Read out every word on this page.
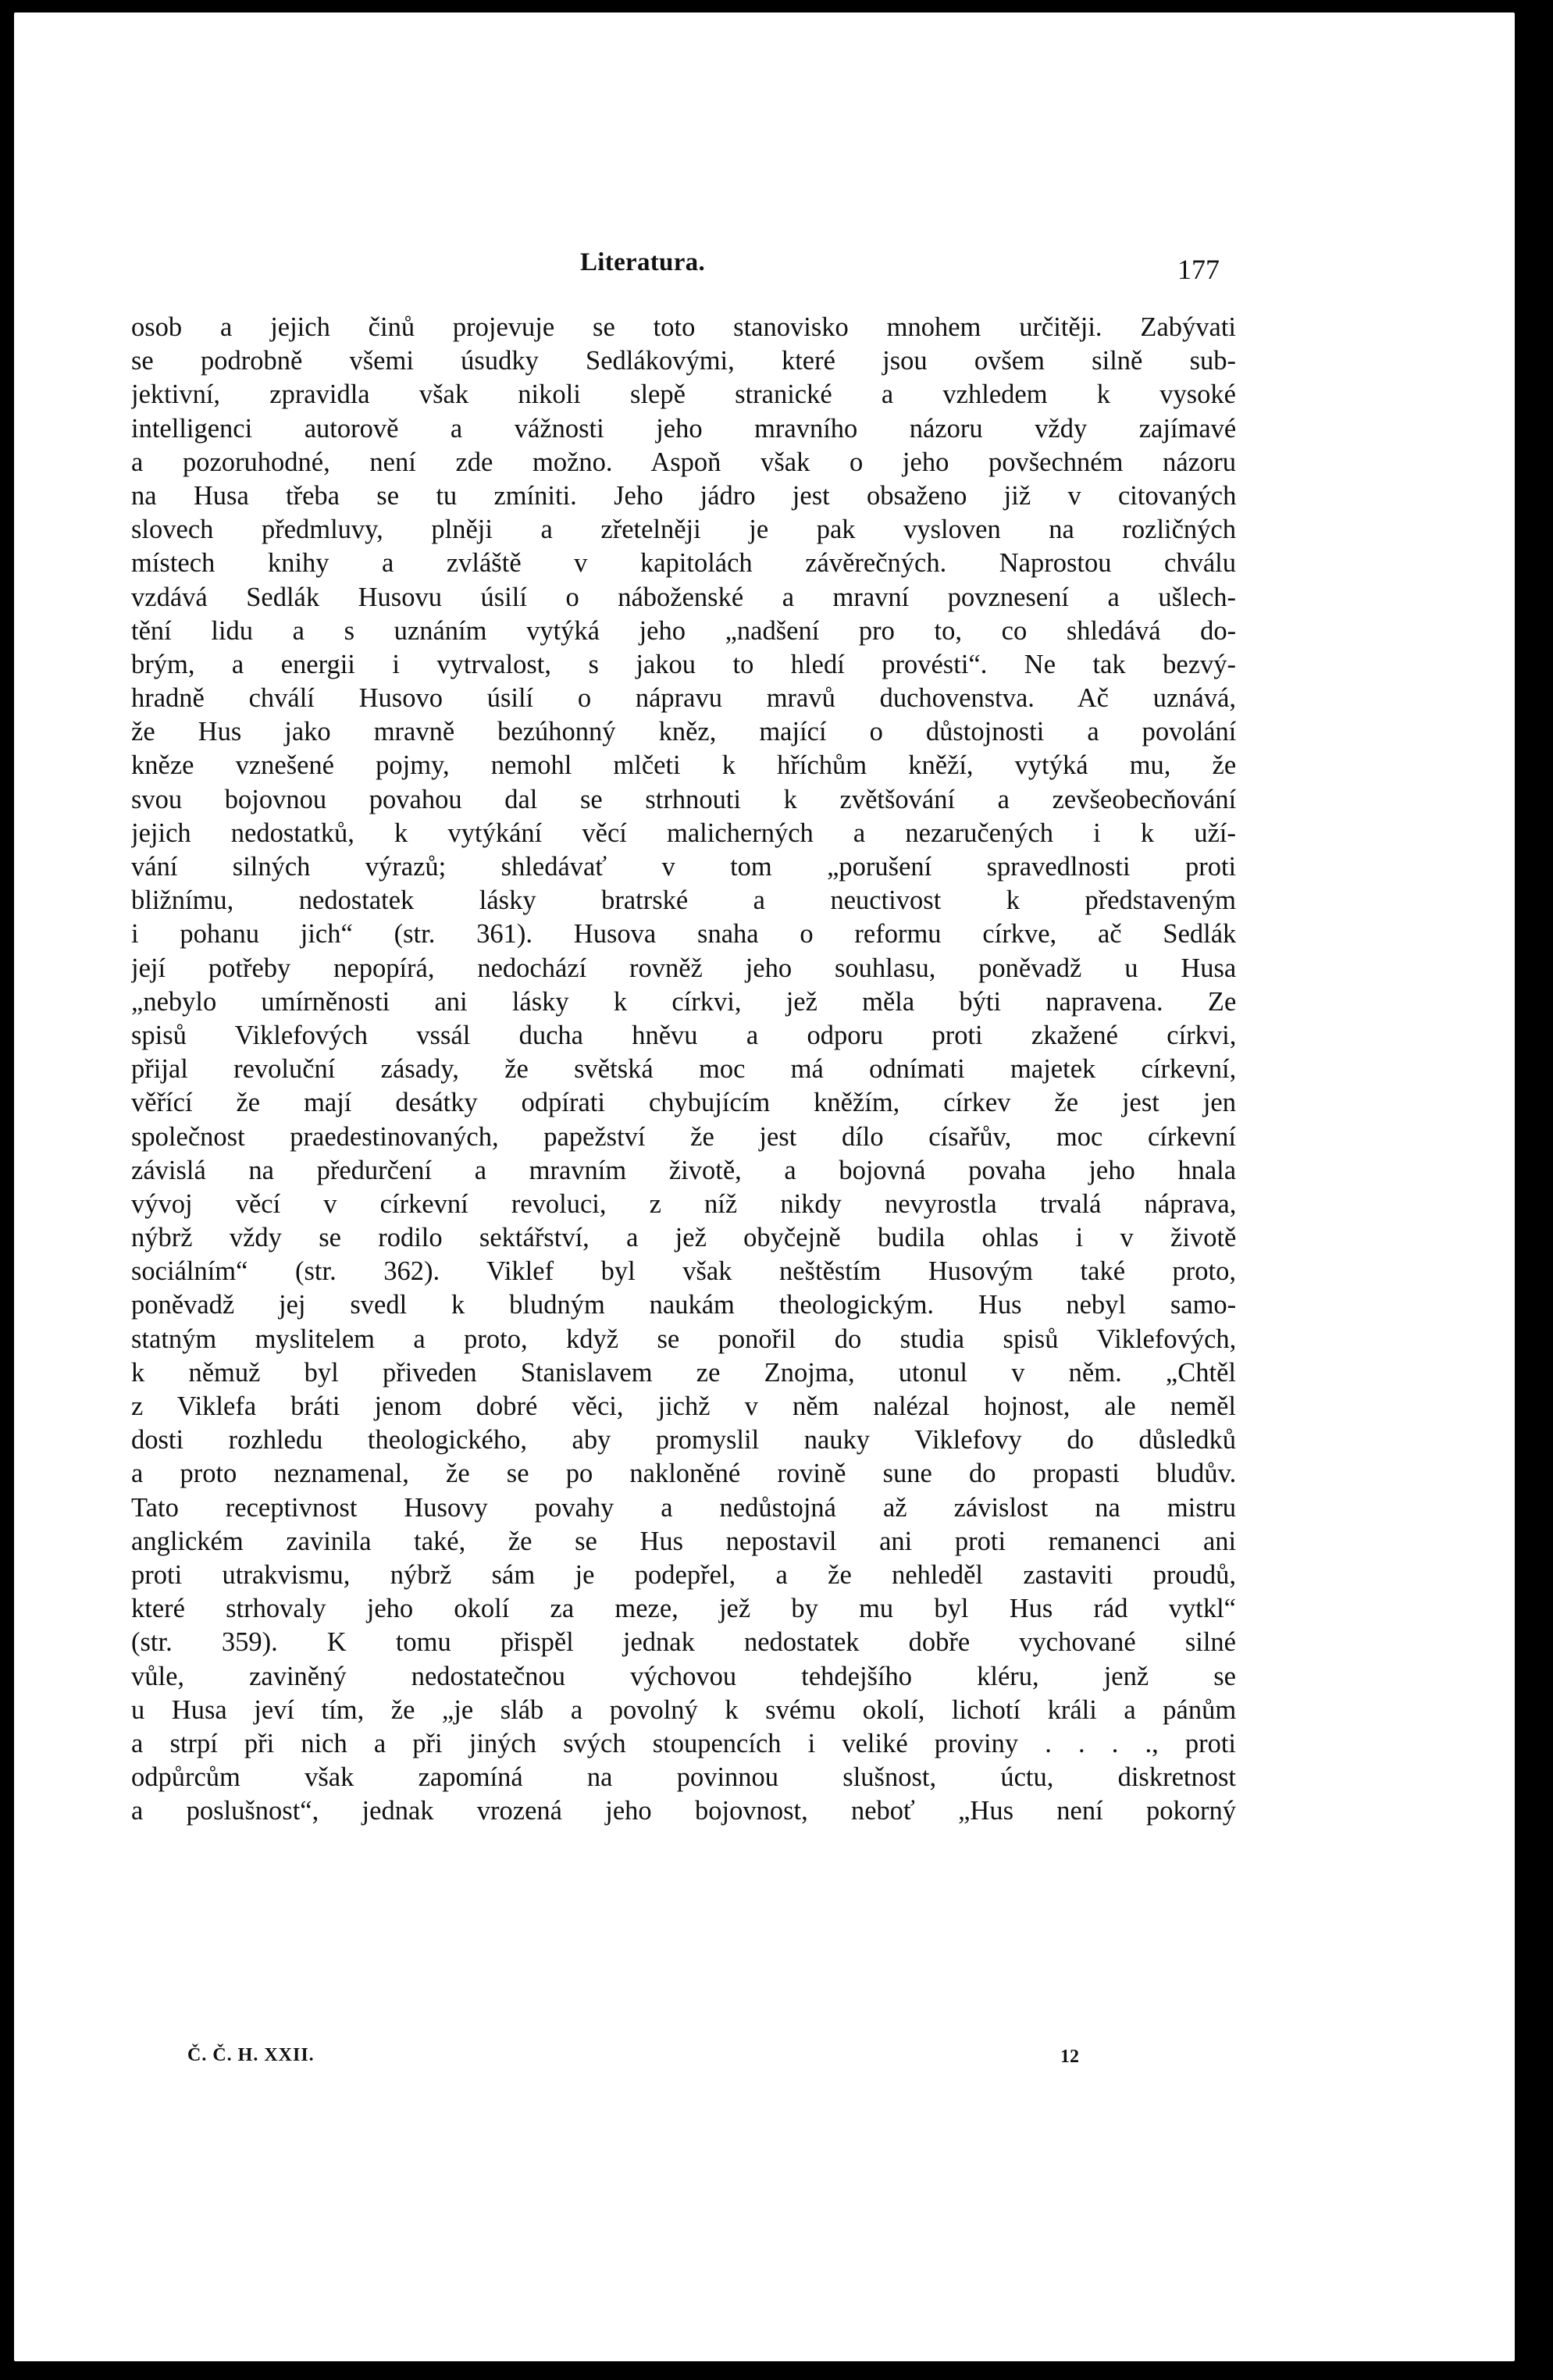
Literatura.	177
osob a jejich činů projevuje se toto stanovisko mnohem určitěji. Zabývati
se podrobně všemi úsudky Sedlákovými, které jsou ovšem silně sub-
jektivní, zpravidla však nikoli slepě stranické a vzhledem k vysoké
intelligenci autorově a vážnosti jeho mravního názoru vždy zajímavé
a pozoruhodné, není zde možno. Aspoň však o jeho povšechném názoru
na Husa třeba se tu zmíniti. Jeho jádro jest obsaženo již v citovaných
slovech předmluvy, plněji a zřetelněji je pak vysloven na rozličných
místech knihy a zvláště v kapitolách závěrečných. Naprostou chválu
vzdává Sedlák Husovu úsilí o náboženské a mravní povznesení a ušlech-
tění lidu a s uznáním vytýká jeho „nadšení pro to, co shledává do-
brým, a energii i vytrvalost, s jakou to hledí provésti“. Ne tak bezvý-
hradně chválí Husovo úsilí o nápravu mravů duchovenstva. Ač uznává,
že Hus jako mravně bezúhonný kněz, mající o důstojnosti a povolání
kněze vznešené pojmy, nemohl mlčeti k hříchům kněží, vytýká mu, že
svou bojovnou povahou dal se strhnouti k zvětšování a zevšeobecňování
jejich nedostatků, k vytýkání věcí malicherných a nezaručených i k uží-
vání silných výrazů; shledávať v tom „porušení spravedlnosti proti
bližnímu, nedostatek lásky bratrské a neuctivost k představeným
i pohanu jich“ (str. 361). Husova snaha o reformu církve, ač Sedlák
její potřeby nepopírá, nedochází rovněž jeho souhlasu, poněvadž u Husa
„nebylo umírněnosti ani lásky k církvi, jež měla býti napravena. Ze
spisů Viklefových vssál ducha hněvu a odporu proti zkažené církvi,
přijal revoluční zásady, že světská moc má odnímati majetek církevní,
věřící že mají desátky odpírati chybujícím kněžím, církev že jest jen
společnost praedestinovaných, papežství že jest dílo císařův, moc církevní
závislá na předurčení a mravním životě, a bojovná povaha jeho hnala
vývoj věcí v církevní revoluci, z níž nikdy nevyrostla trvalá náprava,
nýbrž vždy se rodilo sektářství, a jež obyčejně budila ohlas i v životě
sociálním“ (str. 362). Viklef byl však neštěstím Husovým také proto,
poněvadž jej svedl k bludným naukám theologickým. Hus nebyl samo-
statným myslitelem a proto, když se ponořil do studia spisů Viklefových,
k němuž byl přiveden Stanislavem ze Znojma, utonul v něm. „Chtěl
z Viklefa bráti jenom dobré věci, jichž v něm nalézal hojnost, ale neměl
dosti rozhledu theologického, aby promyslil nauky Viklefovy do důsledků
a proto neznamenal, že se po nakloněné rovině sune do propasti bludův.
Tato receptivnost Husovy povahy a nedůstojná až závislost na mistru
anglickém zavinila také, že se Hus nepostavil ani proti remanenci ani
proti utrakvismu, nýbrž sám je podepřel, a že nehleděl zastaviti proudů,
které strhovaly jeho okolí za meze, jež by mu byl Hus rád vytkl“
(str. 359). K tomu přispěl jednak nedostatek dobře vychované silné
vůle, zaviněný nedostatečnou výchovou tehdejšího kléru, jenž se
u Husa jeví tím, že „je sláb a povolný k svému okolí, lichotí králi a pánům
a strpí při nich a při jiných svých stoupencích i veliké proviny . . . ., proti
odpůrcům však zapomíná na povinnou slušnost, úctu, diskretnost
a poslušnost“, jednak vrozená jeho bojovnost, neboť „Hus není pokorný
Č. Č. H. XXII.	12
